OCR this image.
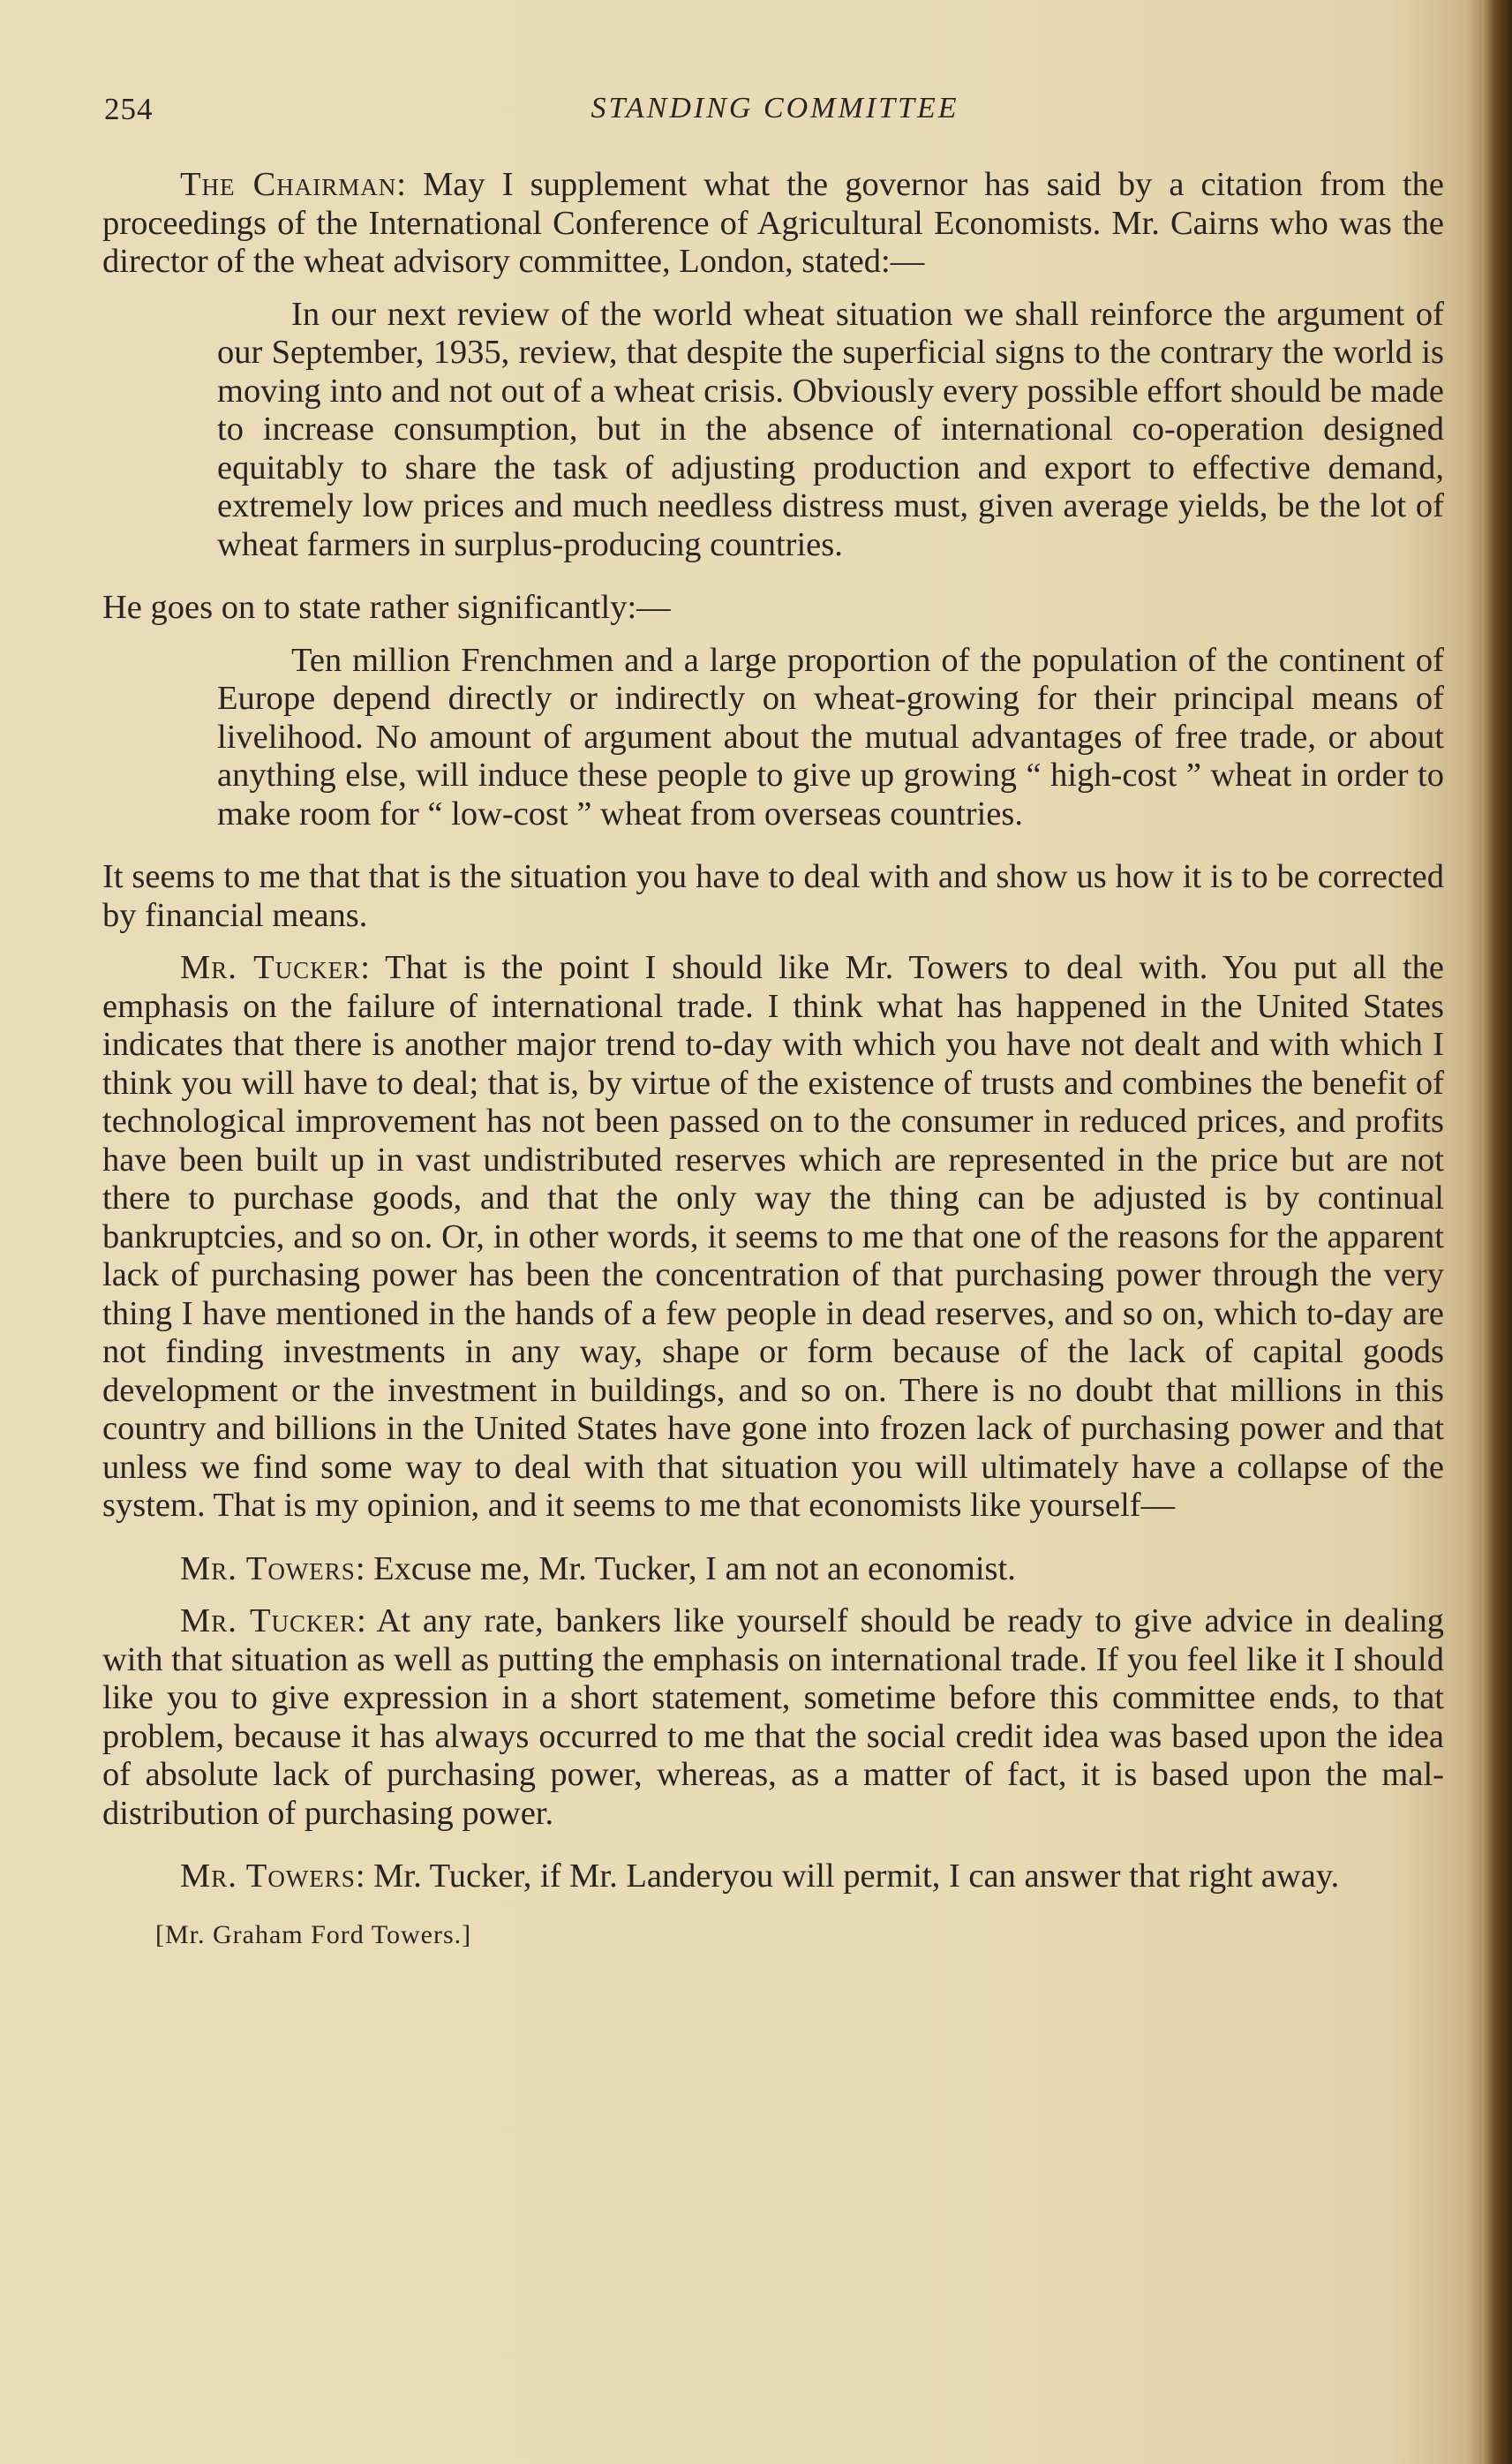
254	STANDING COMMITTEE

The Chairman: May I supplement what the governor has said by a citation from the proceedings of the International Conference of Agricultural Economists. Mr. Cairns who was the director of the wheat advisory committee, London, stated:—

In our next review of the world wheat situation we shall reinforce the argument of our September, 1935, review, that despite the superficial signs to the contrary the world is moving into and not out of a wheat crisis. Obviously every possible effort should be made to increase consumption, but in the absence of international co-operation designed equitably to share the task of adjusting production and export to effective demand, extremely low prices and much needless distress must, given average yields, be the lot of wheat farmers in surplus-producing countries.

He goes on to state rather significantly:—

Ten million Frenchmen and a large proportion of the population of the continent of Europe depend directly or indirectly on wheat-growing for their principal means of livelihood. No amount of argument about the mutual advantages of free trade, or about anything else, will induce these people to give up growing “ high-cost ” wheat in order to make room for “ low-cost ” wheat from overseas countries.

It seems to me that that is the situation you have to deal with and show us how it is to be corrected by financial means.

Mr. Tucker: That is the point I should like Mr. Towers to deal with. You put all the emphasis on the failure of international trade. I think what has happened in the United States indicates that there is another major trend to-day with which you have not dealt and with which I think you will have to deal; that is, by virtue of the existence of trusts and combines the benefit of technological improvement has not been passed on to the consumer in reduced prices, and profits have been built up in vast undistributed reserves which are represented in the price but are not there to purchase goods, and that the only way the thing can be adjusted is by continual bankruptcies, and so on. Or, in other words, it seems to me that one of the reasons for the apparent lack of purchasing power has been the concentration of that purchasing power through the very thing I have mentioned in the hands of a few people in dead reserves, and so on, which to-day are not finding investments in any way, shape or form because of the lack of capital goods development or the investment in buildings, and so on. There is no doubt that millions in this country and billions in the United States have gone into frozen lack of purchasing power and that unless we find some way to deal with that situation you will ultimately have a collapse of the system. That is my opinion, and it seems to me that economists like yourself—

Mr. Towers: Excuse me, Mr. Tucker, I am not an economist.

Mr. Tucker: At any rate, bankers like yourself should be ready to give advice in dealing with that situation as well as putting the emphasis on international trade. If you feel like it I should like you to give expression in a short statement, sometime before this committee ends, to that problem, because it has always occurred to me that the social credit idea was based upon the idea of absolute lack of purchasing power, whereas, as a matter of fact, it is based upon the mal-distribution of purchasing power.

Mr. Towers: Mr. Tucker, if Mr. Landeryou will permit, I can answer that right away.

[Mr. Graham Ford Towers.]
